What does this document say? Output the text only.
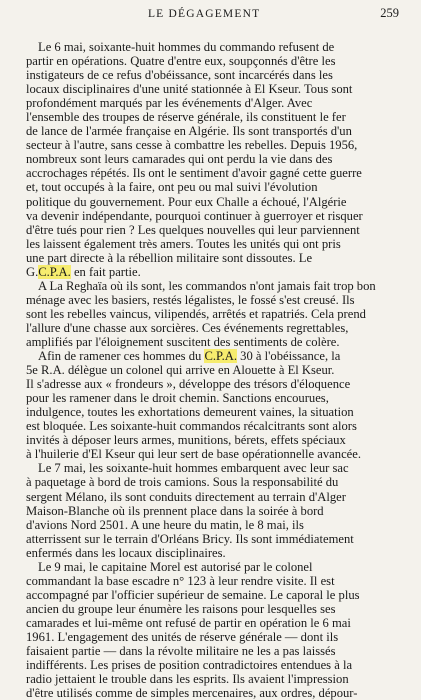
LE DÉGAGEMENT	259

Le 6 mai, soixante-huit hommes du commando refusent de
partir en opérations. Quatre d'entre eux, soupçonnés d'être les
instigateurs de ce refus d'obéissance, sont incarcérés dans les
locaux disciplinaires d'une unité stationnée à El Kseur. Tous sont
profondément marqués par les événements d'Alger. Avec
l'ensemble des troupes de réserve générale, ils constituent le fer
de lance de l'armée française en Algérie. Ils sont transportés d'un
secteur à l'autre, sans cesse à combattre les rebelles. Depuis 1956,
nombreux sont leurs camarades qui ont perdu la vie dans des
accrochages répétés. Ils ont le sentiment d'avoir gagné cette guerre
et, tout occupés à la faire, ont peu ou mal suivi l'évolution
politique du gouvernement. Pour eux Challe a échoué, l'Algérie
va devenir indépendante, pourquoi continuer à guerroyer et risquer
d'être tués pour rien ? Les quelques nouvelles qui leur parviennent
les laissent également très amers. Toutes les unités qui ont pris
une part directe à la rébellion militaire sont dissoutes. Le
G.C.P.A. en fait partie.

A La Reghaïa où ils sont, les commandos n'ont jamais fait trop bon
ménage avec les basiers, restés légalistes, le fossé s'est creusé. Ils
sont les rebelles vaincus, vilipendés, arrêtés et rapatriés. Cela prend
l'allure d'une chasse aux sorcières. Ces événements regrettables,
amplifiés par l'éloignement suscitent des sentiments de colère.

Afin de ramener ces hommes du C.P.A. 30 à l'obéissance, la
5e R.A. délègue un colonel qui arrive en Alouette à El Kseur.
Il s'adresse aux « frondeurs », développe des trésors d'éloquence
pour les ramener dans le droit chemin. Sanctions encourues,
indulgence, toutes les exhortations demeurent vaines, la situation
est bloquée. Les soixante-huit commandos récalcitrants sont alors
invités à déposer leurs armes, munitions, bérets, effets spéciaux
à l'huilerie d'El Kseur qui leur sert de base opérationnelle avancée.

Le 7 mai, les soixante-huit hommes embarquent avec leur sac
à paquetage à bord de trois camions. Sous la responsabilité du
sergent Mélano, ils sont conduits directement au terrain d'Alger
Maison-Blanche où ils prennent place dans la soirée à bord
d'avions Nord 2501. A une heure du matin, le 8 mai, ils
atterrissent sur le terrain d'Orléans Bricy. Ils sont immédiatement
enfermés dans les locaux disciplinaires.

Le 9 mai, le capitaine Morel est autorisé par le colonel
commandant la base escadre n° 123 à leur rendre visite. Il est
accompagné par l'officier supérieur de semaine. Le caporal le plus
ancien du groupe leur énumère les raisons pour lesquelles ses
camarades et lui-même ont refusé de partir en opération le 6 mai
1961. L'engagement des unités de réserve générale — dont ils
faisaient partie — dans la révolte militaire ne les a pas laissés
indifférents. Les prises de position contradictoires entendues à la
radio jettaient le trouble dans les esprits. Ils avaient l'impression
d'être utilisés comme de simples mercenaires, aux ordres, dépour-
